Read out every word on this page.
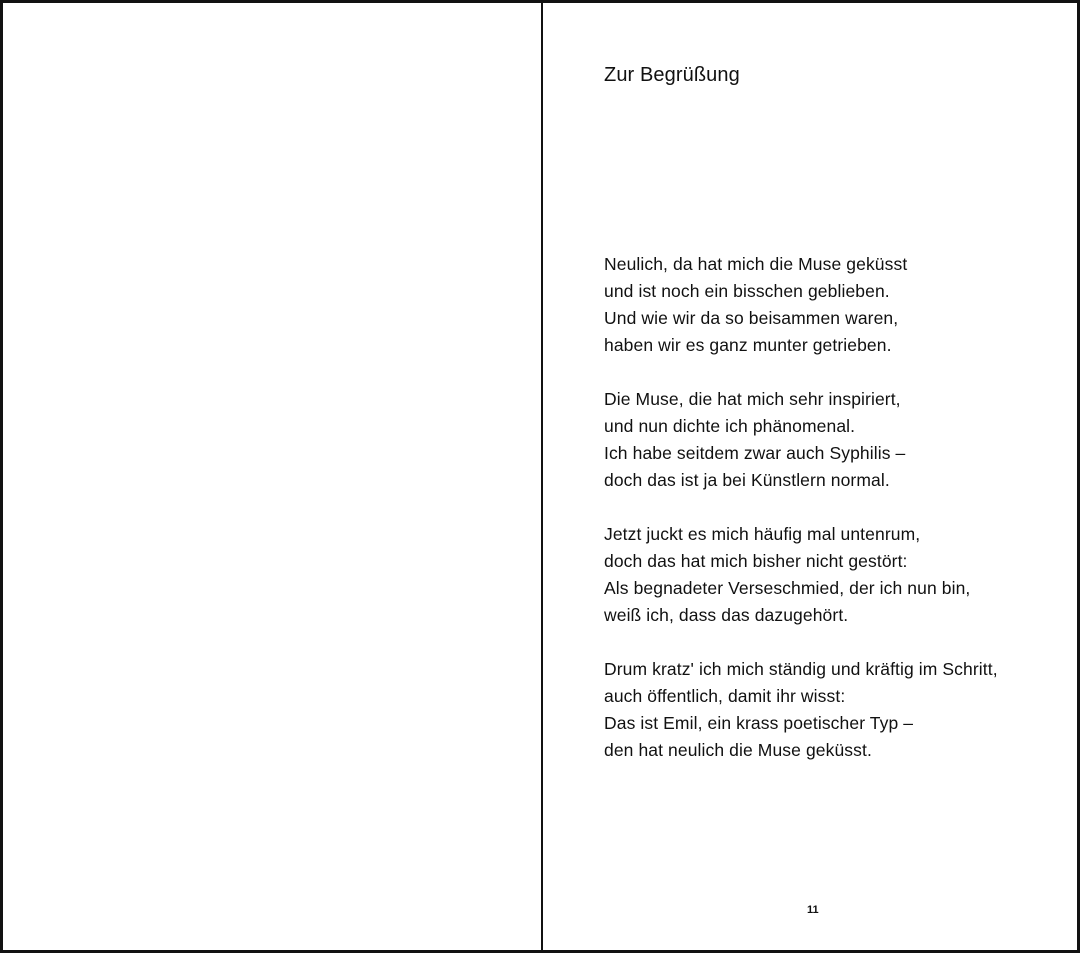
Zur Begrüßung
Neulich, da hat mich die Muse geküsst
und ist noch ein bisschen geblieben.
Und wie wir da so beisammen waren,
haben wir es ganz munter getrieben.
Die Muse, die hat mich sehr inspiriert,
und nun dichte ich phänomenal.
Ich habe seitdem zwar auch Syphilis –
doch das ist ja bei Künstlern normal.
Jetzt juckt es mich häufig mal untenrum,
doch das hat mich bisher nicht gestört:
Als begnadeter Verseschmied, der ich nun bin,
weiß ich, dass das dazugehört.
Drum kratz' ich mich ständig und kräftig im Schritt,
auch öffentlich, damit ihr wisst:
Das ist Emil, ein krass poetischer Typ –
den hat neulich die Muse geküsst.
11
